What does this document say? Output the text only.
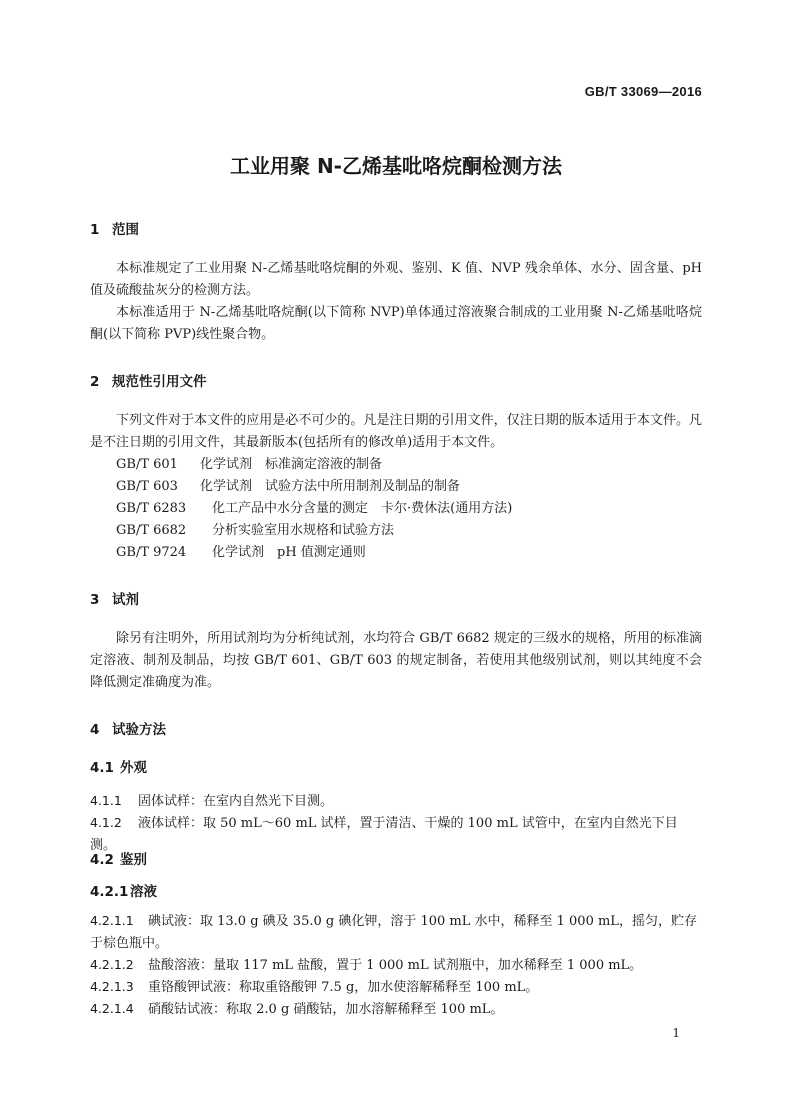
GB/T 33069—2016
工业用聚 N-乙烯基吡咯烷酮检测方法
1 范围
本标准规定了工业用聚 N-乙烯基吡咯烷酮的外观、鉴别、K 值、NVP 残余单体、水分、固含量、pH 值及硫酸盐灰分的检测方法。
本标准适用于 N-乙烯基吡咯烷酮(以下简称 NVP)单体通过溶液聚合制成的工业用聚 N-乙烯基吡咯烷酮(以下简称 PVP)线性聚合物。
2 规范性引用文件
下列文件对于本文件的应用是必不可少的。凡是注日期的引用文件，仅注日期的版本适用于本文件。凡是不注日期的引用文件，其最新版本(包括所有的修改单)适用于本文件。
GB/T 601 化学试剂　标准滴定溶液的制备
GB/T 603 化学试剂　试验方法中所用制剂及制品的制备
GB/T 6283 化工产品中水分含量的测定　卡尔·费休法(通用方法)
GB/T 6682 分析实验室用水规格和试验方法
GB/T 9724 化学试剂　pH 值测定通则
3 试剂
除另有注明外，所用试剂均为分析纯试剂，水均符合 GB/T 6682 规定的三级水的规格，所用的标准滴定溶液、制剂及制品，均按 GB/T 601、GB/T 603 的规定制备，若使用其他级别试剂，则以其纯度不会降低测定准确度为准。
4 试验方法
4.1 外观
4.1.1 固体试样：在室内自然光下目测。
4.1.2 液体试样：取 50 mL～60 mL 试样，置于清洁、干燥的 100 mL 试管中，在室内自然光下目测。
4.2 鉴别
4.2.1 溶液
4.2.1.1 碘试液：取 13.0 g 碘及 35.0 g 碘化钾，溶于 100 mL 水中，稀释至 1 000 mL，摇匀，贮存于棕色瓶中。
4.2.1.2 盐酸溶液：量取 117 mL 盐酸，置于 1 000 mL 试剂瓶中，加水稀释至 1 000 mL。
4.2.1.3 重铬酸钾试液：称取重铬酸钾 7.5 g，加水使溶解稀释至 100 mL。
4.2.1.4 硝酸钴试液：称取 2.0 g 硝酸钴，加水溶解稀释至 100 mL。
1
